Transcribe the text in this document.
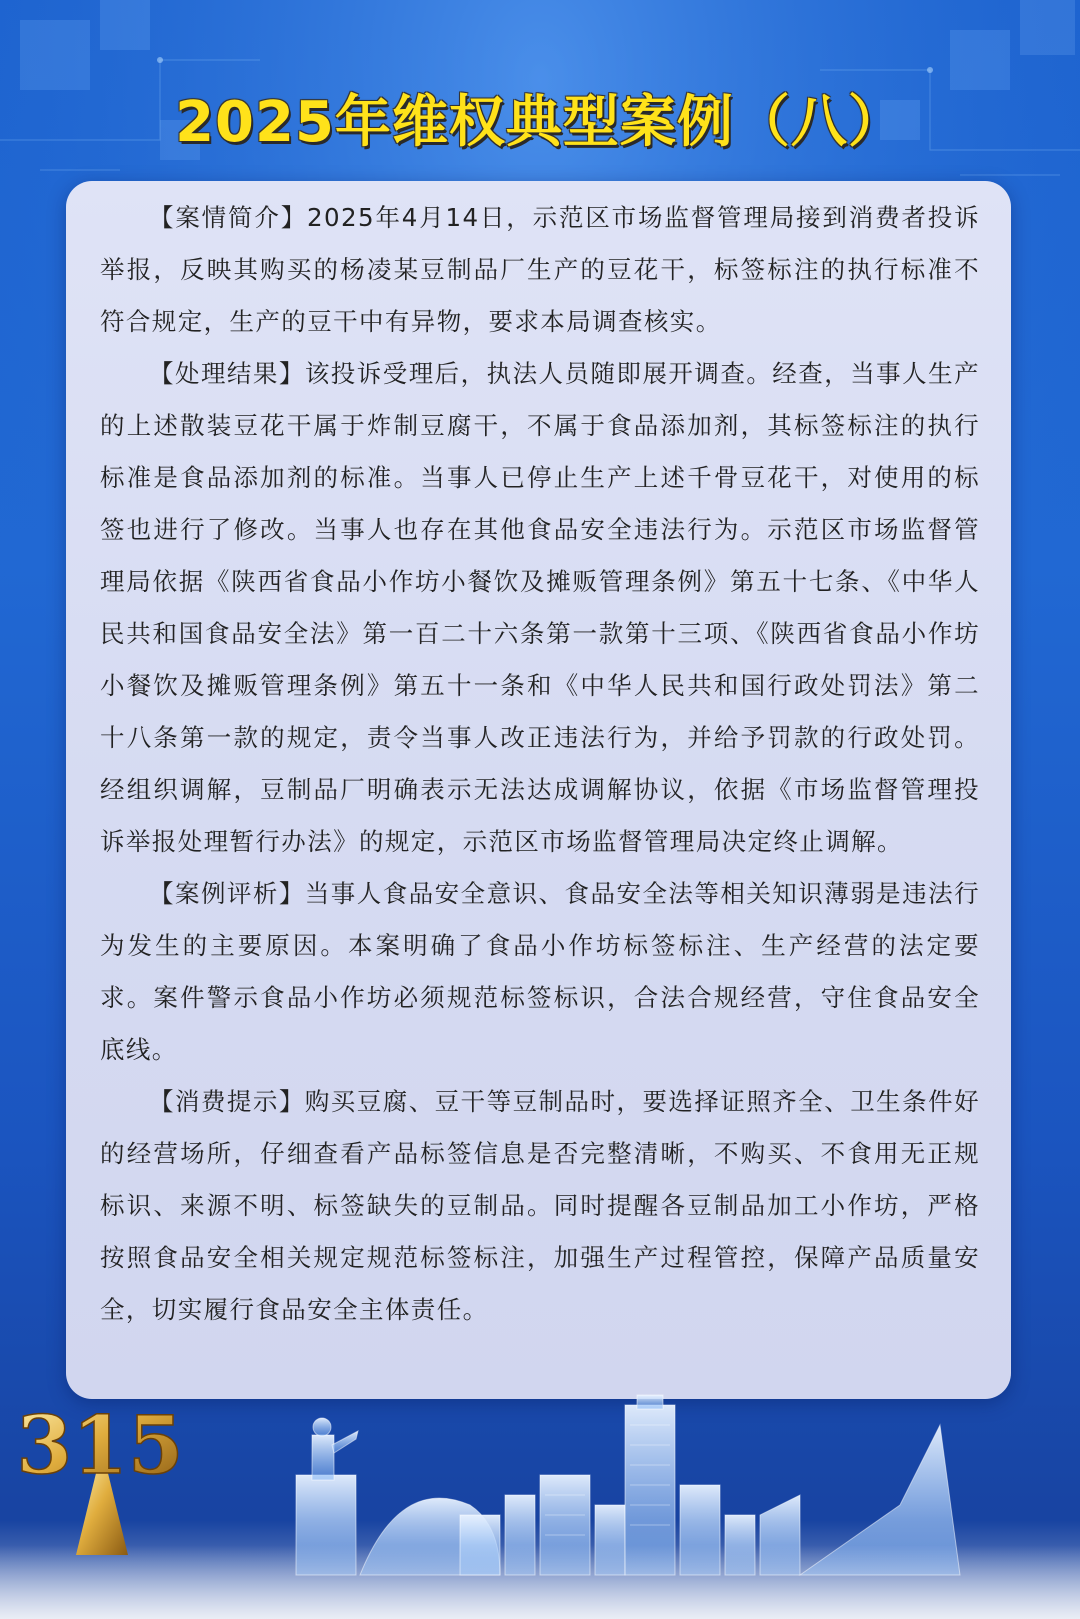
2025年维权典型案例（八）

【案情简介】2025年4月14日，示范区市场监督管理局接到消费者投诉举报，反映其购买的杨凌某豆制品厂生产的豆花干，标签标注的执行标准不符合规定，生产的豆干中有异物，要求本局调查核实。

【处理结果】该投诉受理后，执法人员随即展开调查。经查，当事人生产的上述散装豆花干属于炸制豆腐干，不属于食品添加剂，其标签标注的执行标准是食品添加剂的标准。当事人已停止生产上述千骨豆花干，对使用的标签也进行了修改。当事人也存在其他食品安全违法行为。示范区市场监督管理局依据《陕西省食品小作坊小餐饮及摊贩管理条例》第五十七条、《中华人民共和国食品安全法》第一百二十六条第一款第十三项、《陕西省食品小作坊小餐饮及摊贩管理条例》第五十一条和《中华人民共和国行政处罚法》第二十八条第一款的规定，责令当事人改正违法行为，并给予罚款的行政处罚。经组织调解，豆制品厂明确表示无法达成调解协议，依据《市场监督管理投诉举报处理暂行办法》的规定，示范区市场监督管理局决定终止调解。

【案例评析】当事人食品安全意识、食品安全法等相关知识薄弱是违法行为发生的主要原因。本案明确了食品小作坊标签标注、生产经营的法定要求。案件警示食品小作坊必须规范标签标识，合法合规经营，守住食品安全底线。

【消费提示】购买豆腐、豆干等豆制品时，要选择证照齐全、卫生条件好的经营场所，仔细查看产品标签信息是否完整清晰，不购买、不食用无正规标识、来源不明、标签缺失的豆制品。同时提醒各豆制品加工小作坊，严格按照食品安全相关规定规范标签标注，加强生产过程管控，保障产品质量安全，切实履行食品安全主体责任。

315
